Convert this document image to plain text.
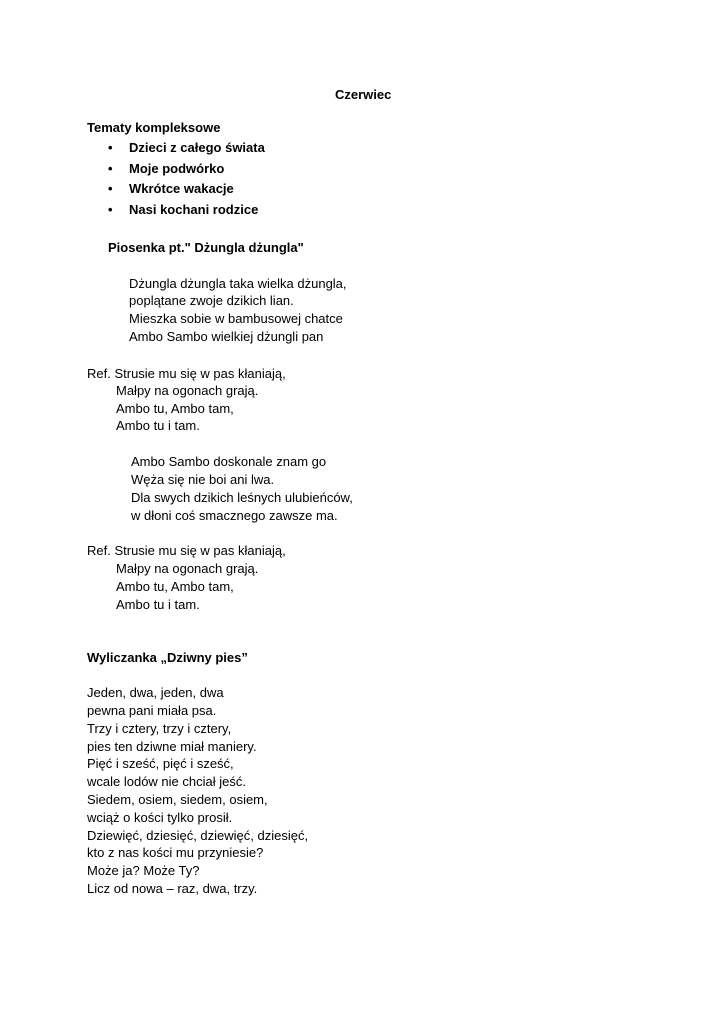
Czerwiec
Tematy kompleksowe
• Dzieci z całego świata
• Moje podwórko
• Wkrótce wakacje
• Nasi kochani rodzice
Piosenka pt." Dżungla dżungla"
Dżungla dżungla taka wielka dżungla,
poplątane zwoje dzikich lian.
Mieszka sobie w bambusowej chatce
Ambo Sambo wielkiej dżungli pan
Ref. Strusie mu się w pas kłaniają,
Małpy na ogonach grają.
Ambo tu, Ambo tam,
Ambo tu i tam.
Ambo Sambo doskonale znam go
Węża się nie boi ani lwa.
Dla swych dzikich leśnych ulubieńców,
w dłoni coś smacznego zawsze ma.
Ref. Strusie mu się w pas kłaniają,
Małpy na ogonach grają.
Ambo tu, Ambo tam,
Ambo tu i tam.
Wyliczanka „Dziwny pies”
Jeden, dwa, jeden, dwa
pewna pani miała psa.
Trzy i cztery, trzy i cztery,
pies ten dziwne miał maniery.
Pięć i sześć, pięć i sześć,
wcale lodów nie chciał jeść.
Siedem, osiem, siedem, osiem,
wciąż o kości tylko prosił.
Dziewięć, dziesięć, dziewięć, dziesięć,
kto z nas kości mu przyniesie?
Może ja? Może Ty?
Licz od nowa – raz, dwa, trzy.
